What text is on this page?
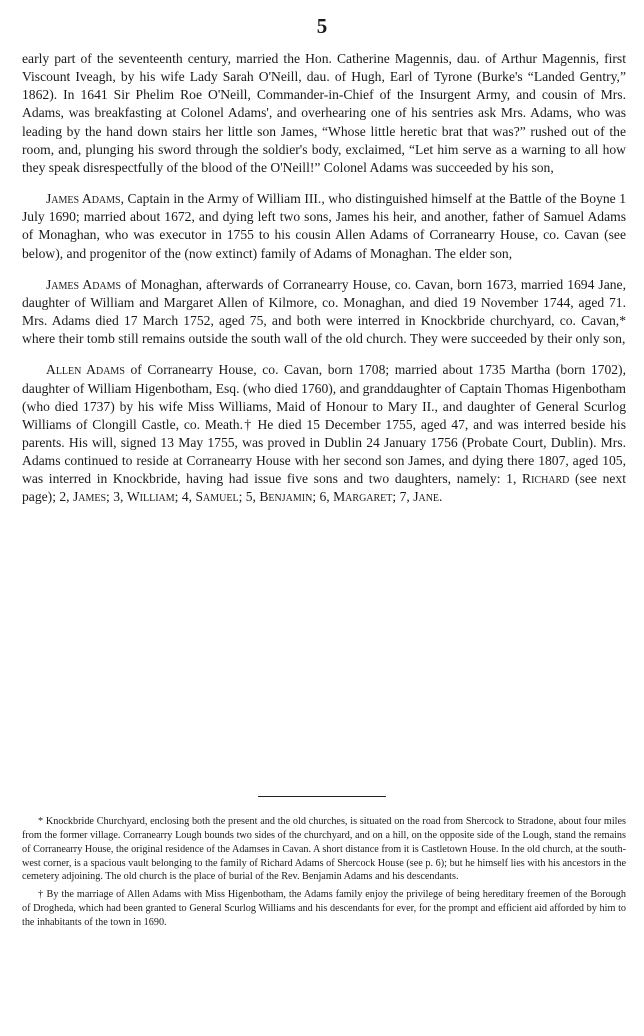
5

early part of the seventeenth century, married the Hon. Catherine Magennis, dau. of Arthur Magennis, first Viscount Iveagh, by his wife Lady Sarah O'Neill, dau. of Hugh, Earl of Tyrone (Burke's “Landed Gentry,” 1862). In 1641 Sir Phelim Roe O'Neill, Commander-in-Chief of the Insurgent Army, and cousin of Mrs. Adams, was breakfasting at Colonel Adams', and overhearing one of his sentries ask Mrs. Adams, who was leading by the hand down stairs her little son James, “Whose little heretic brat that was?” rushed out of the room, and, plunging his sword through the soldier's body, exclaimed, “Let him serve as a warning to all how they speak disrespectfully of the blood of the O'Neill!” Colonel Adams was succeeded by his son,

James Adams, Captain in the Army of William III., who distinguished himself at the Battle of the Boyne 1 July 1690; married about 1672, and dying left two sons, James his heir, and another, father of Samuel Adams of Monaghan, who was executor in 1755 to his cousin Allen Adams of Corranearry House, co. Cavan (see below), and progenitor of the (now extinct) family of Adams of Monaghan. The elder son,

James Adams of Monaghan, afterwards of Corranearry House, co. Cavan, born 1673, married 1694 Jane, daughter of William and Margaret Allen of Kilmore, co. Monaghan, and died 19 November 1744, aged 71. Mrs. Adams died 17 March 1752, aged 75, and both were interred in Knockbride churchyard, co. Cavan,* where their tomb still remains outside the south wall of the old church. They were succeeded by their only son,

Allen Adams of Corranearry House, co. Cavan, born 1708; married about 1735 Martha (born 1702), daughter of William Higenbotham, Esq. (who died 1760), and granddaughter of Captain Thomas Higenbotham (who died 1737) by his wife Miss Williams, Maid of Honour to Mary II., and daughter of General Scurlog Williams of Clongill Castle, co. Meath.† He died 15 December 1755, aged 47, and was interred beside his parents. His will, signed 13 May 1755, was proved in Dublin 24 January 1756 (Probate Court, Dublin). Mrs. Adams continued to reside at Corranearry House with her second son James, and dying there 1807, aged 105, was interred in Knockbride, having had issue five sons and two daughters, namely: 1, Richard (see next page); 2, James; 3, William; 4, Samuel; 5, Benjamin; 6, Margaret; 7, Jane.

* Knockbride Churchyard, enclosing both the present and the old churches, is situated on the road from Shercock to Stradone, about four miles from the former village. Corranearry Lough bounds two sides of the churchyard, and on a hill, on the opposite side of the Lough, stand the remains of Corranearry House, the original residence of the Adamses in Cavan. A short distance from it is Castletown House. In the old church, at the south-west corner, is a spacious vault belonging to the family of Richard Adams of Shercock House (see p. 6); but he himself lies with his ancestors in the cemetery adjoining. The old church is the place of burial of the Rev. Benjamin Adams and his descendants.

† By the marriage of Allen Adams with Miss Higenbotham, the Adams family enjoy the privilege of being hereditary freemen of the Borough of Drogheda, which had been granted to General Scurlog Williams and his descendants for ever, for the prompt and efficient aid afforded by him to the inhabitants of the town in 1690.
